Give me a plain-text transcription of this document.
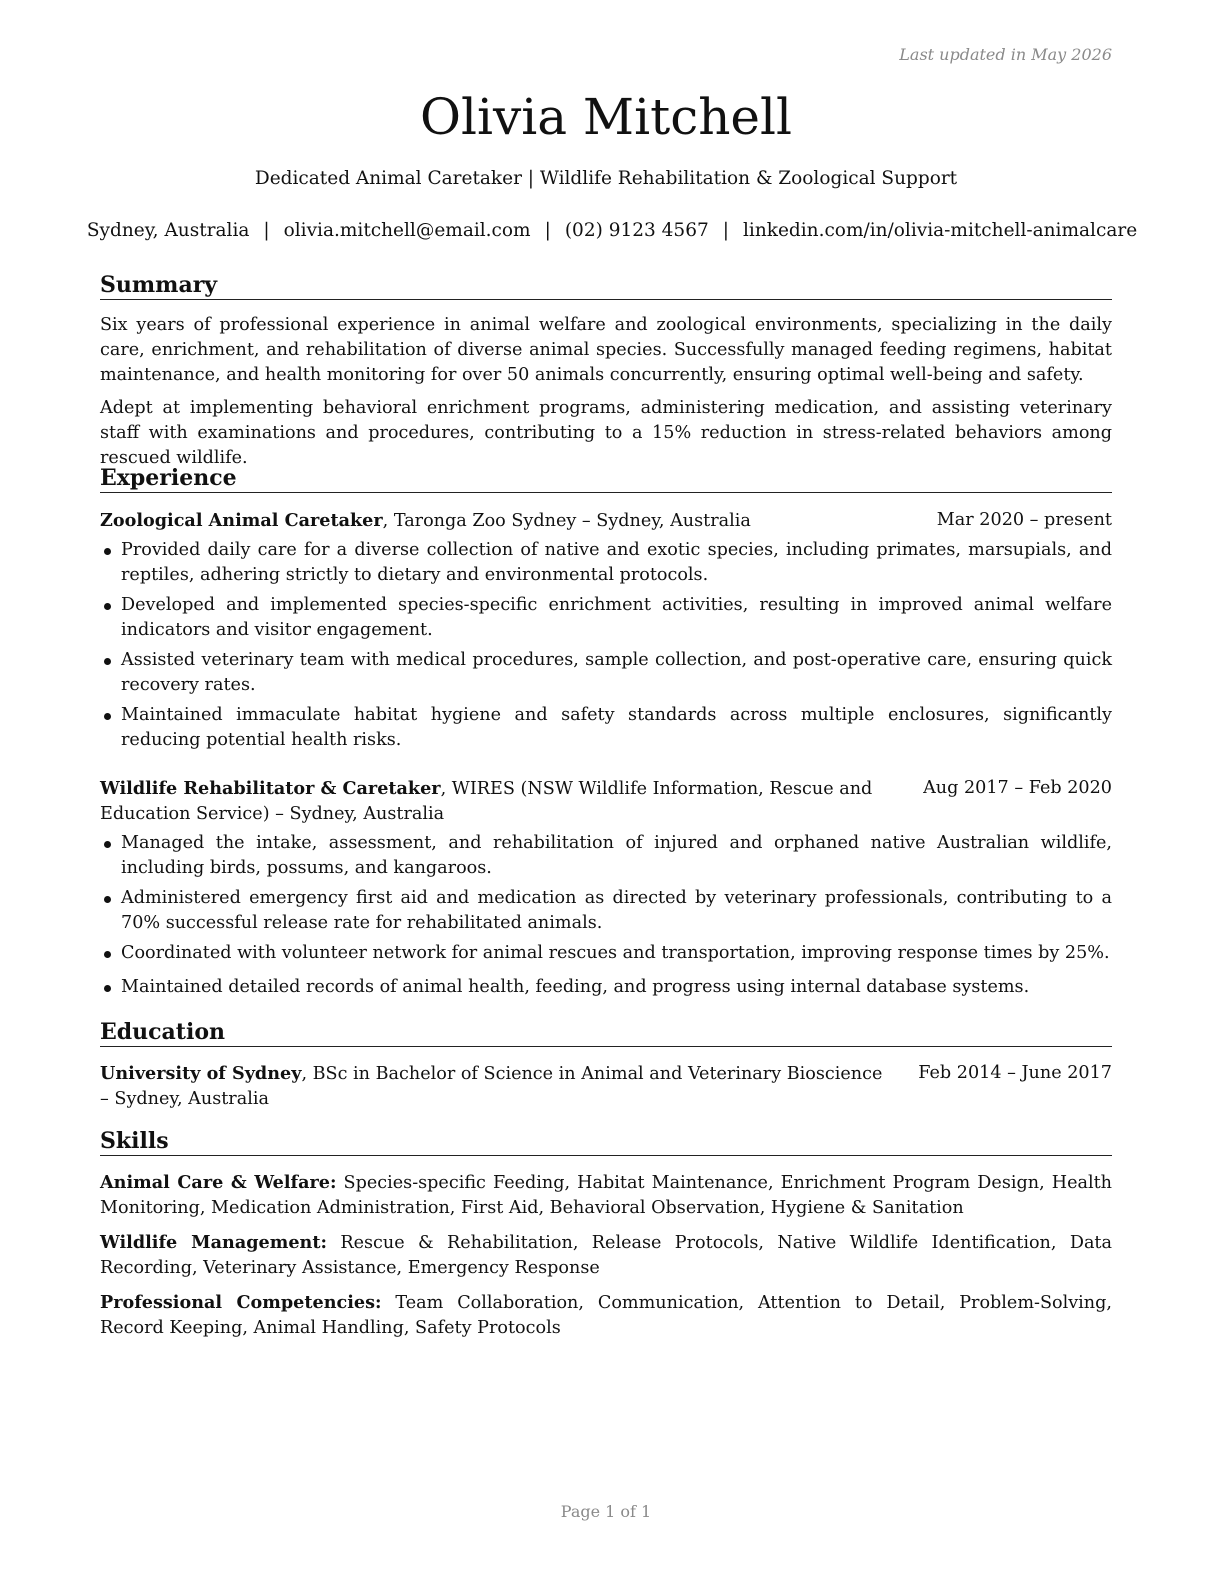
Last updated in May 2026
Olivia Mitchell
Dedicated Animal Caretaker | Wildlife Rehabilitation & Zoological Support
Sydney, Australia | olivia.mitchell@email.com | (02) 9123 4567 | linkedin.com/in/olivia-mitchell-animalcare
Summary

Six years of professional experience in animal welfare and zoological environments, specializing in the daily care, enrichment, and rehabilitation of diverse animal species. Successfully managed feeding regimens, habitat maintenance, and health monitoring for over 50 animals concurrently, ensuring optimal well-being and safety.

Adept at implementing behavioral enrichment programs, administering medication, and assisting veterinary staff with examinations and procedures, contributing to a 15% reduction in stress-related behaviors among rescued wildlife.

Experience
Zoological Animal Caretaker, Taronga Zoo Sydney – Sydney, Australia	Mar 2020 – present
Provided daily care for a diverse collection of native and exotic species, including primates, marsupials, and reptiles, adhering strictly to dietary and environmental protocols.
Developed and implemented species-specific enrichment activities, resulting in improved animal welfare indicators and visitor engagement.
Assisted veterinary team with medical procedures, sample collection, and post-operative care, ensuring quick recovery rates.
Maintained immaculate habitat hygiene and safety standards across multiple enclosures, significantly reducing potential health risks.
Wildlife Rehabilitator & Caretaker, WIRES (NSW Wildlife Information, Rescue and Education Service) – Sydney, Australia
Aug 2017 – Feb 2020
Managed the intake, assessment, and rehabilitation of injured and orphaned native Australian wildlife, including birds, possums, and kangaroos.
Administered emergency first aid and medication as directed by veterinary professionals, contributing to a 70% successful release rate for rehabilitated animals.
Coordinated with volunteer network for animal rescues and transportation, improving response times by 25%.
Maintained detailed records of animal health, feeding, and progress using internal database systems.
Education
University of Sydney, BSc in Bachelor of Science in Animal and Veterinary Bioscience – Sydney, Australia
Feb 2014 – June 2017
Skills

Animal Care & Welfare: Species-specific Feeding, Habitat Maintenance, Enrichment Program Design, Health Monitoring, Medication Administration, First Aid, Behavioral Observation, Hygiene & Sanitation

Wildlife Management: Rescue & Rehabilitation, Release Protocols, Native Wildlife Identification, Data Recording, Veterinary Assistance, Emergency Response

Professional Competencies: Team Collaboration, Communication, Attention to Detail, Problem-Solving, Record Keeping, Animal Handling, Safety Protocols

Page 1 of 1
